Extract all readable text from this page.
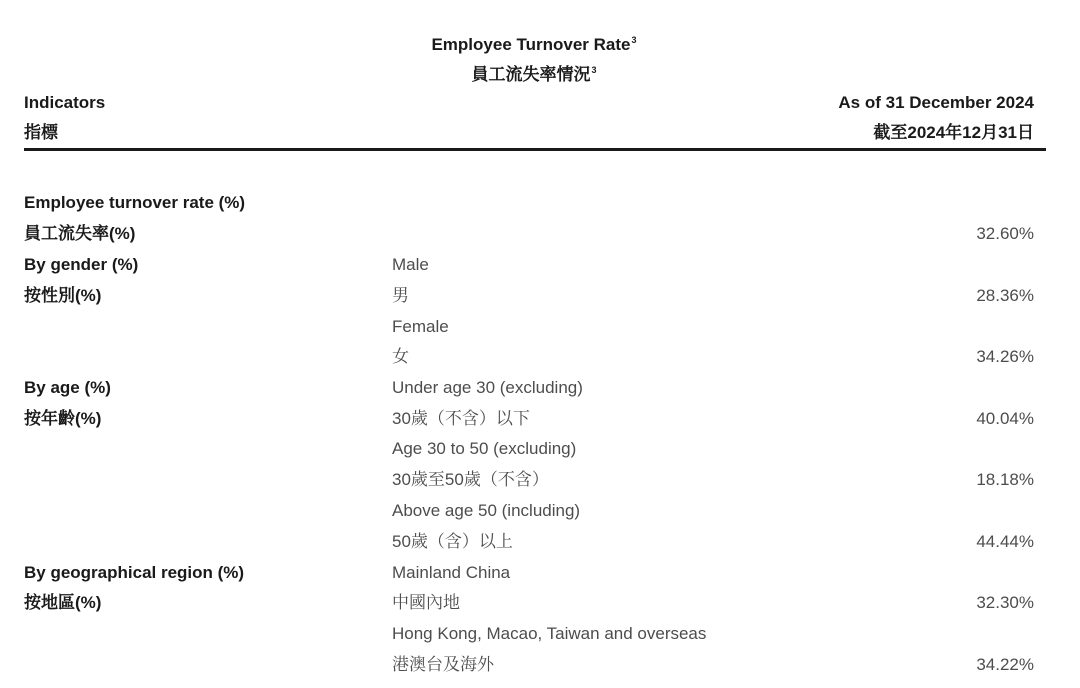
Employee Turnover Rate$^3$
員工流失率情況$^3$
Indicators
指標
As of 31 December 2024
截至2024年12月31日
Employee turnover rate (%)
員工流失率(%)	32.60%
By gender (%)	Male
按性別(%)	男	28.36%
Female
女	34.26%
By age (%)	Under age 30 (excluding)
按年齡(%)	30歲（不含）以下	40.04%
Age 30 to 50 (excluding)
30歲至50歲（不含）	18.18%
Above age 50 (including)
50歲（含）以上	44.44%
By geographical region (%)	Mainland China
按地區(%)	中國內地	32.30%
Hong Kong, Macao, Taiwan and overseas
港澳台及海外	34.22%
